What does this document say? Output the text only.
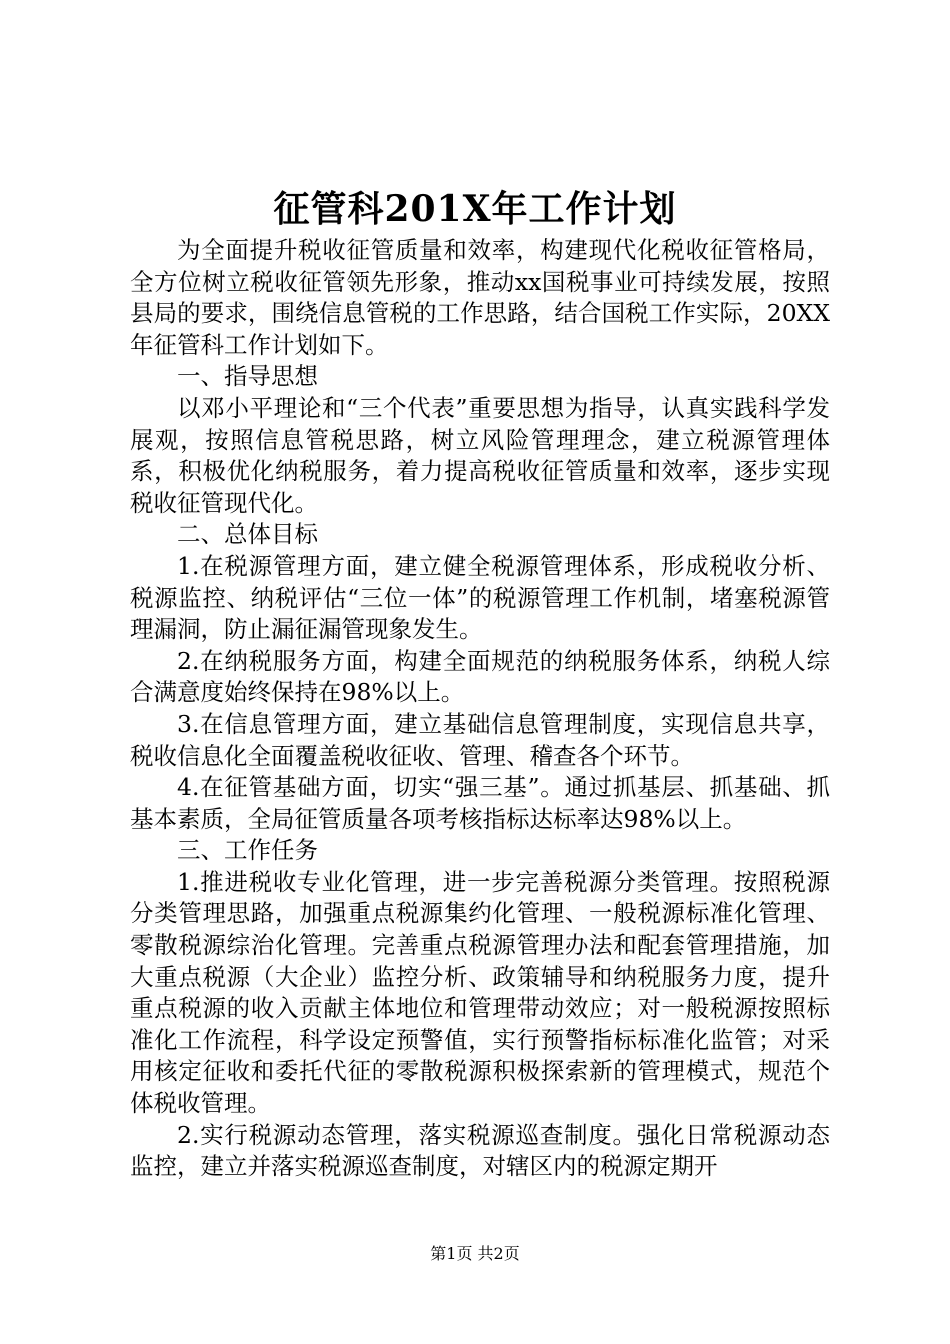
征管科201X年工作计划

为全面提升税收征管质量和效率，构建现代化税收征管格局，全方位树立税收征管领先形象，推动xx国税事业可持续发展，按照县局的要求，围绕信息管税的工作思路，结合国税工作实际，20XX年征管科工作计划如下。

一、指导思想

以邓小平理论和“三个代表”重要思想为指导，认真实践科学发展观，按照信息管税思路，树立风险管理理念，建立税源管理体系，积极优化纳税服务，着力提高税收征管质量和效率，逐步实现税收征管现代化。

二、总体目标

1.在税源管理方面，建立健全税源管理体系，形成税收分析、税源监控、纳税评估“三位一体”的税源管理工作机制，堵塞税源管理漏洞，防止漏征漏管现象发生。

2.在纳税服务方面，构建全面规范的纳税服务体系，纳税人综合满意度始终保持在98%以上。

3.在信息管理方面，建立基础信息管理制度，实现信息共享，税收信息化全面覆盖税收征收、管理、稽查各个环节。

4.在征管基础方面，切实“强三基”。通过抓基层、抓基础、抓基本素质，全局征管质量各项考核指标达标率达98%以上。

三、工作任务

1.推进税收专业化管理，进一步完善税源分类管理。按照税源分类管理思路，加强重点税源集约化管理、一般税源标准化管理、零散税源综治化管理。完善重点税源管理办法和配套管理措施，加大重点税源（大企业）监控分析、政策辅导和纳税服务力度，提升重点税源的收入贡献主体地位和管理带动效应；对一般税源按照标准化工作流程，科学设定预警值，实行预警指标标准化监管；对采用核定征收和委托代征的零散税源积极探索新的管理模式，规范个体税收管理。

2.实行税源动态管理，落实税源巡查制度。强化日常税源动态监控，建立并落实税源巡查制度，对辖区内的税源定期开

第1页 共2页
